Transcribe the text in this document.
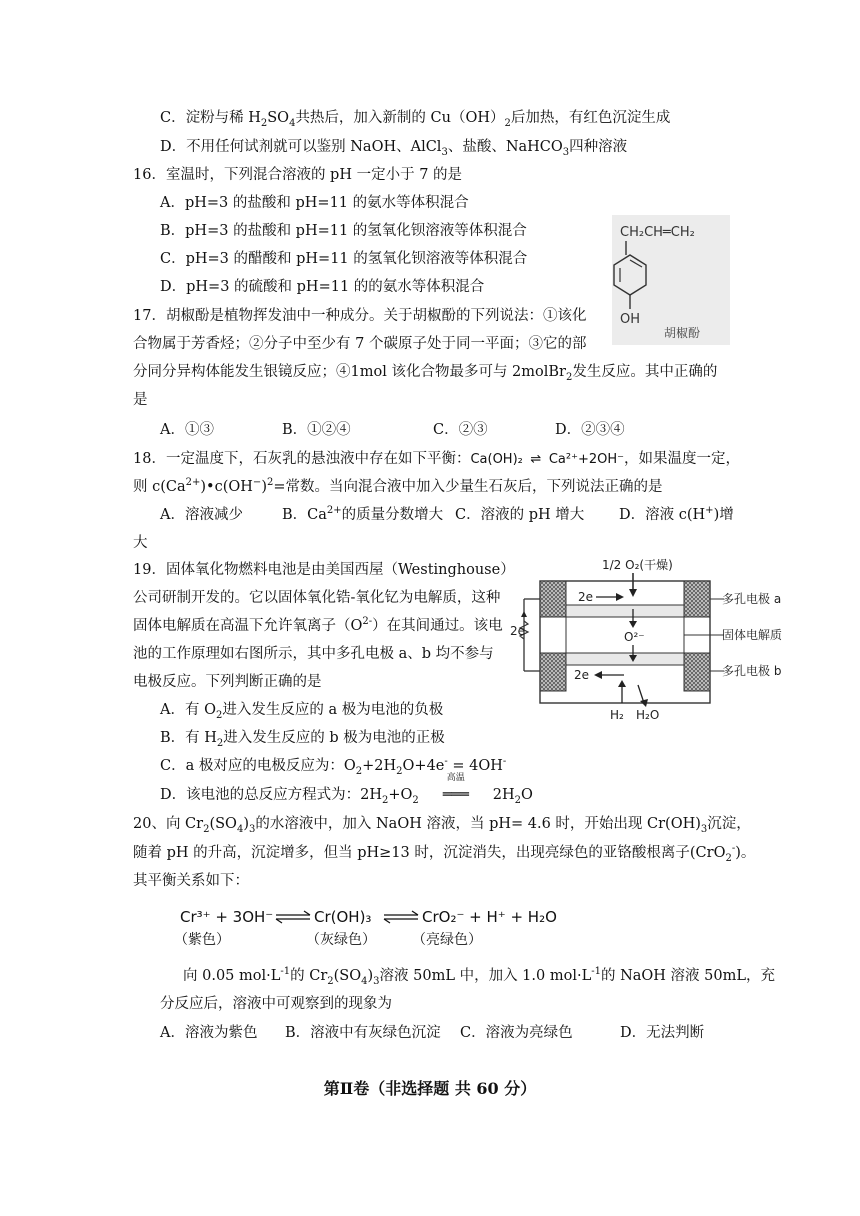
C．淀粉与稀 $H_2SO_4$共热后，加入新制的 $Cu(OH)_2$后加热，有红色沉淀生成
D．不用任何试剂就可以鉴别 NaOH、AlCl$_3$、盐酸、NaHCO$_3$四种溶液
16．室温时，下列混合溶液的 pH 一定小于 7 的是
A．pH=3 的盐酸和 pH=11 的氨水等体积混合
B．pH=3 的盐酸和 pH=11 的氢氧化钡溶液等体积混合
C．pH=3 的醋酸和 pH=11 的氢氧化钡溶液等体积混合
D．pH=3 的硫酸和 pH=11 的的氨水等体积混合
CH₂CH═CH₂
OH
胡椒酚
17．胡椒酚是植物挥发油中一种成分。关于胡椒酚的下列说法：①该化
合物属于芳香烃；②分子中至少有 7 个碳原子处于同一平面；③它的部
分同分异构体能发生银镜反应；④1mol 该化合物最多可与 2molBr$_2$发生反应。其中正确的
是
A．①③	B．①②④	C．②③	D．②③④
18．一定温度下，石灰乳的悬浊液中存在如下平衡：Ca(OH)₂ ⇌ Ca²⁺+2OH⁻，如果温度一定，
则 $c(Ca^{2+})•c(OH^-)^2=$常数。当向混合液中加入少量生石灰后，下列说法正确的是
A．溶液减少	B．$Ca^{2+}$的质量分数增大 C．溶液的 pH 增大 D．溶液 c(H+)增
大
1/2 O₂(干燥)
2e
2e
O²⁻
2e
H₂ H₂O
多孔电极 a
固体电解质
多孔电极 b
19．固体氧化物燃料电池是由美国西屋（Westinghouse）
公司研制开发的。它以固体氧化锆-氧化钇为电解质，这种
固体电解质在高温下允许氧离子$(O^{2-})$在其间通过。该电
池的工作原理如右图所示，其中多孔电极 a、b 均不参与
电极反应。下列判断正确的是
A．有 $O_2$进入发生反应的 a 极为电池的负极
B．有 $H_2$进入发生反应的 b 极为电池的正极
C．a 极对应的电极反应为：$O_2+2H_2O+4e^- = 4OH^-$
D．该电池的总反应方程式为：$2H_2+O_2$
高温
═══ $2H_2O$
20、向 $Cr_2(SO_4)_3$的水溶液中，加入 NaOH 溶液，当 pH= 4.6 时，开始出现 $Cr(OH)_3$沉淀，
随着 pH 的升高，沉淀增多，但当 pH≥13 时，沉淀消失，出现亮绿色的亚铬酸根离子(CrO$_2$-)。
其平衡关系如下：
Cr³⁺ + 3OH⁻	Cr(OH)₃	CrO₂⁻ + H⁺ + H₂O
（紫色）	（灰绿色）	（亮绿色）
向 0.05 $mol\cdot L^{-1}$的 $Cr_2(SO_4)_3$溶液 50mL 中，加入 1.0 $mol\cdot L^{-1}$的 NaOH 溶液 50mL，充
分反应后，溶液中可观察到的现象为
A．溶液为紫色 B．溶液中有灰绿色沉淀 C．溶液为亮绿色	D．无法判断
第Ⅱ卷（非选择题 共 60 分）
